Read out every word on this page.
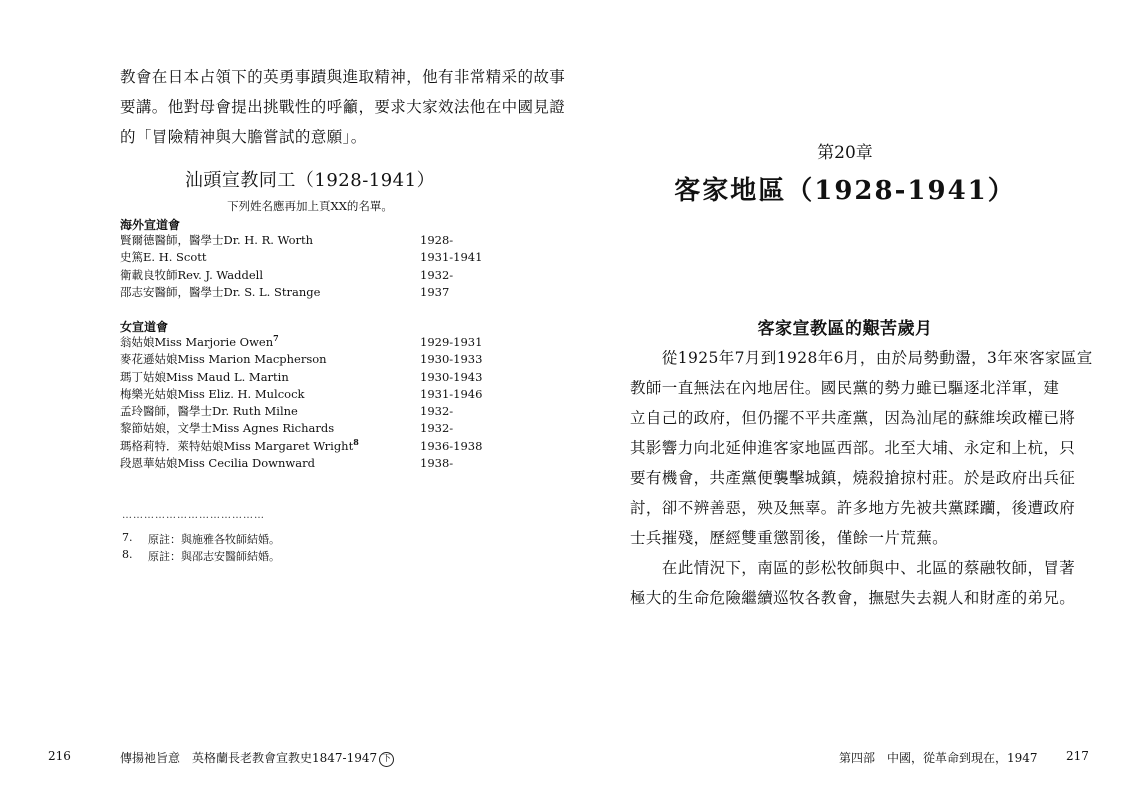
教會在日本占領下的英勇事蹟與進取精神，他有非常精采的故事
要講。他對母會提出挑戰性的呼籲，要求大家效法他在中國見證
的「冒險精神與大膽嘗試的意願」。

汕頭宣教同工（1928-1941）
下列姓名應再加上頁XX的名單。
海外宣道會
賢爾德醫師，醫學士Dr. H. R. Worth	1928-
史篤E. H. Scott	1931-1941
衛載良牧師Rev. J. Waddell	1932-
邵志安醫師，醫學士Dr. S. L. Strange	1937
女宣道會
翁姑娘Miss Marjorie Owen$^7$	1929-1931
麥花遜姑娘Miss Marion Macpherson	1930-1933
瑪丁姑娘Miss Maud L. Martin	1930-1943
梅樂光姑娘Miss Eliz. H. Mulcock	1931-1946
孟玲醫師，醫學士Dr. Ruth Milne	1932-
黎節姑娘，文學士Miss Agnes Richards	1932-
瑪格莉特．萊特姑娘Miss Margaret Wright$^8$	1936-1938
段恩華姑娘Miss Cecilia Downward	1938-
…………………………………
7. 原註：與施雅各牧師結婚。
8. 原註：與邵志安醫師結婚。
216	傳揚祂旨意　英格蘭長老教會宣教史1847-1947 下
第20章
客家地區（1928-1941）
客家宣教區的艱苦歲月

　　從1925年7月到1928年6月，由於局勢動盪，3年來客家區宣
教師一直無法在內地居住。國民黨的勢力雖已驅逐北洋軍，建
立自己的政府，但仍擺不平共產黨，因為汕尾的蘇維埃政權已將
其影響力向北延伸進客家地區西部。北至大埔、永定和上杭，只
要有機會，共產黨便襲擊城鎮，燒殺搶掠村莊。於是政府出兵征
討，卻不辨善惡，殃及無辜。許多地方先被共黨蹂躪，後遭政府
士兵摧殘，歷經雙重懲罰後，僅餘一片荒蕪。
　　在此情況下，南區的彭松牧師與中、北區的蔡融牧師，冒著
極大的生命危險繼續巡牧各教會，撫慰失去親人和財產的弟兄。

第四部　中國，從革命到現在，1947 217
